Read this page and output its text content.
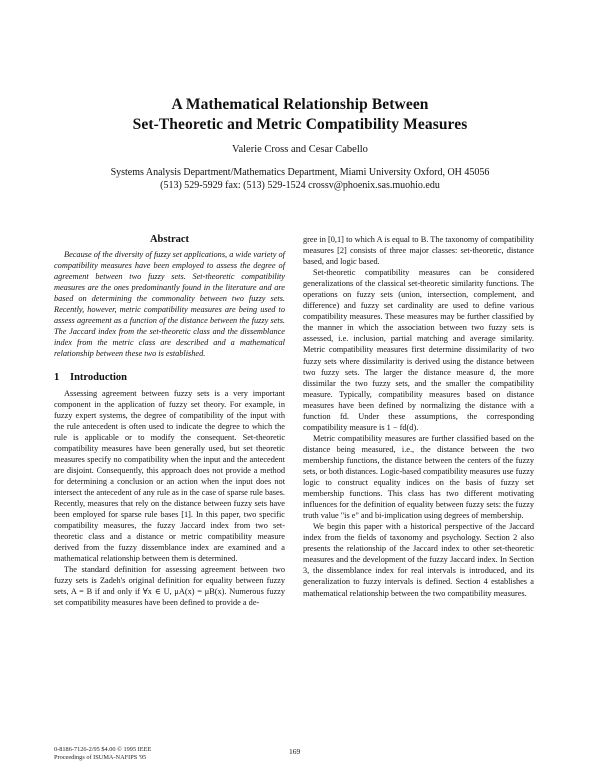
A Mathematical Relationship Between
Set-Theoretic and Metric Compatibility Measures
Valerie Cross and Cesar Cabello
Systems Analysis Department/Mathematics Department, Miami University Oxford, OH 45056
(513) 529-5929 fax: (513) 529-1524 crossv@phoenix.sas.muohio.edu
Abstract

Because of the diversity of fuzzy set applications, a wide variety of compatibility measures have been employed to assess the degree of agreement between two fuzzy sets. Set-theoretic compatibility measures are the ones predominantly found in the literature and are based on determining the commonality between two fuzzy sets. Recently, however, metric compatibility measures are being used to assess agreement as a function of the distance between the fuzzy sets. The Jaccard index from the set-theoretic class and the dissemblance index from the metric class are described and a mathematical relationship between these two is established.

1 Introduction

Assessing agreement between fuzzy sets is a very important component in the application of fuzzy set theory. For example, in fuzzy expert systems, the degree of compatibility of the input with the rule antecedent is often used to indicate the degree to which the rule is applicable or to modify the consequent. Set-theoretic compatibility measures have been generally used, but set theoretic measures specify no compatibility when the input and the antecedent are disjoint. Consequently, this approach does not provide a method for determining a conclusion or an action when the input does not intersect the antecedent of any rule as in the case of sparse rule bases. Recently, measures that rely on the distance between fuzzy sets have been employed for sparse rule bases [1]. In this paper, two specific compatibility measures, the fuzzy Jaccard index from two set-theoretic class and a distance or metric compatibility measure derived from the fuzzy dissemblance index are examined and a mathematical relationship between them is determined.

The standard definition for assessing agreement between two fuzzy sets is Zadeh's original definition for equality between fuzzy sets, A = B if and only if ∀x ∈ U, μA(x) = μB(x). Numerous fuzzy set compatibility measures have been defined to provide a de-

gree in [0,1] to which A is equal to B. The taxonomy of compatibility measures [2] consists of three major classes: set-theoretic, distance based, and logic based.

Set-theoretic compatibility measures can be considered generalizations of the classical set-theoretic similarity functions. The operations on fuzzy sets (union, intersection, complement, and difference) and fuzzy set cardinality are used to define various compatibility measures. These measures may be further classified by the manner in which the association between two fuzzy sets is assessed, i.e. inclusion, partial matching and average similarity. Metric compatibility measures first determine dissimilarity of two fuzzy sets where dissimilarity is derived using the distance between two fuzzy sets. The larger the distance measure d, the more dissimilar the two fuzzy sets, and the smaller the compatibility measure. Typically, compatibility measures based on distance measures have been defined by normalizing the distance with a function fd. Under these assumptions, the corresponding compatibility measure is 1 − fd(d).

Metric compatibility measures are further classified based on the distance being measured, i.e., the distance between the two membership functions, the distance between the centers of the fuzzy sets, or both distances. Logic-based compatibility measures use fuzzy logic to construct equality indices on the basis of fuzzy set membership functions. This class has two different motivating influences for the definition of equality between fuzzy sets: the fuzzy truth value "is e" and bi-implication using degrees of membership.

We begin this paper with a historical perspective of the Jaccard index from the fields of taxonomy and psychology. Section 2 also presents the relationship of the Jaccard index to other set-theoretic measures and the development of the fuzzy Jaccard index. In Section 3, the dissemblance index for real intervals is introduced, and its generalization to fuzzy intervals is defined. Section 4 establishes a mathematical relationship between the two compatibility measures.

0-8186-7126-2/95 $4.00 © 1995 IEEE
Proceedings of ISUMA-NAFIPS '95
169
